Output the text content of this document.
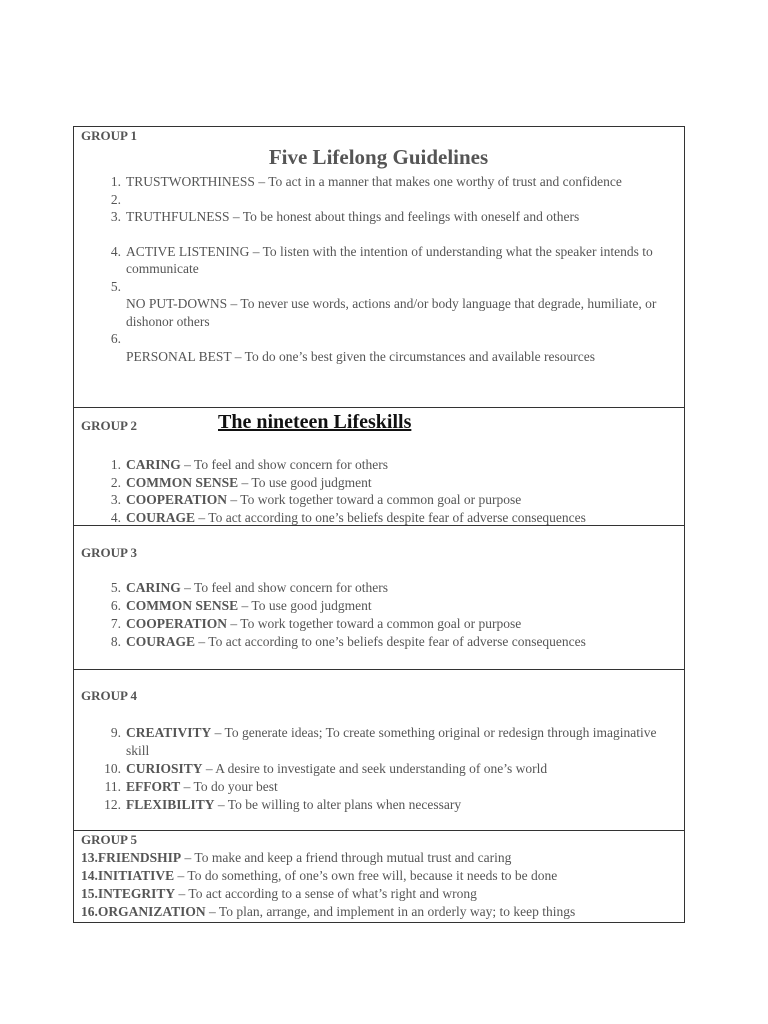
GROUP 1
Five Lifelong Guidelines
1. TRUSTWORTHINESS – To act in a manner that makes one worthy of trust and confidence
2.
3. TRUTHFULNESS – To be honest about things and feelings with oneself and others
4. ACTIVE LISTENING – To listen with the intention of understanding what the speaker intends to communicate
5.
NO PUT-DOWNS – To never use words, actions and/or body language that degrade, humiliate, or dishonor others
6.
PERSONAL BEST – To do one’s best given the circumstances and available resources
GROUP 2	The nineteen Lifeskills
1. CARING – To feel and show concern for others
2. COMMON SENSE – To use good judgment
3. COOPERATION – To work together toward a common goal or purpose
4. COURAGE – To act according to one’s beliefs despite fear of adverse consequences
GROUP 3
5. CARING – To feel and show concern for others
6. COMMON SENSE – To use good judgment
7. COOPERATION – To work together toward a common goal or purpose
8. COURAGE – To act according to one’s beliefs despite fear of adverse consequences
GROUP 4
9. CREATIVITY – To generate ideas; To create something original or redesign through imaginative skill
10. CURIOSITY – A desire to investigate and seek understanding of one’s world
11. EFFORT – To do your best
12. FLEXIBILITY – To be willing to alter plans when necessary
GROUP 5
13.FRIENDSHIP – To make and keep a friend through mutual trust and caring
14.INITIATIVE – To do something, of one’s own free will, because it needs to be done
15.INTEGRITY – To act according to a sense of what’s right and wrong
16.ORGANIZATION – To plan, arrange, and implement in an orderly way; to keep things
